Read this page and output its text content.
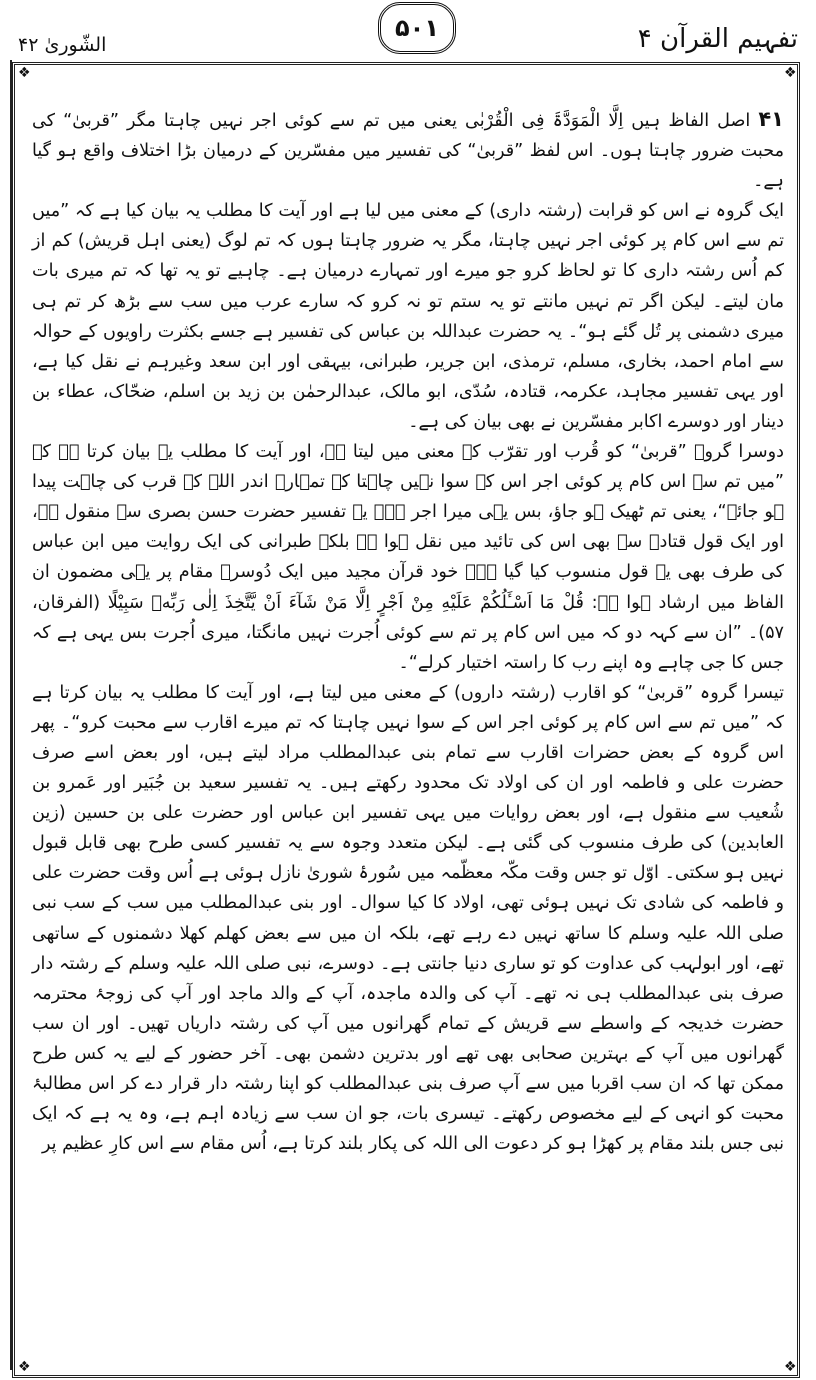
الشّوریٰ ۴۲
۵۰۱	تفہیم القرآن ۴
❖	❖
❖	❖

۴۱ اصل الفاظ ہیں اِلَّا الْمَوَدَّۃَ فِی الْقُرْبٰی یعنی میں تم سے کوئی اجر نہیں چاہتا مگر ”قربیٰ“ کی محبت ضرور چاہتا ہوں۔ اس لفظ ”قربیٰ“ کی تفسیر میں مفسّرین کے درمیان بڑا اختلاف واقع ہو گیا ہے۔

ایک گروہ نے اس کو قرابت (رشتہ داری) کے معنی میں لیا ہے اور آیت کا مطلب یہ بیان کیا ہے کہ ”میں تم سے اس کام پر کوئی اجر نہیں چاہتا، مگر یہ ضرور چاہتا ہوں کہ تم لوگ (یعنی اہل قریش) کم از کم اُس رشتہ داری کا تو لحاظ کرو جو میرے اور تمہارے درمیان ہے۔ چاہیے تو یہ تھا کہ تم میری بات مان لیتے۔ لیکن اگر تم نہیں مانتے تو یہ ستم تو نہ کرو کہ سارے عرب میں سب سے بڑھ کر تم ہی میری دشمنی پر تُل گئے ہو“۔ یہ حضرت عبداللہ بن عباس کی تفسیر ہے جسے بکثرت راویوں کے حوالہ سے امام احمد، بخاری، مسلم، ترمذی، ابن جریر، طبرانی، بیہقی اور ابن سعد وغیرہم نے نقل کیا ہے، اور یہی تفسیر مجاہد، عکرمہ، قتادہ، سُدّی، ابو مالک، عبدالرحمٰن بن زید بن اسلم، ضحّاک، عطاء بن دینار اور دوسرے اکابر مفسّرین نے بھی بیان کی ہے۔

دوسرا گروہ ”قربیٰ“ کو قُرب اور تقرّب کے معنی میں لیتا ہے، اور آیت کا مطلب یہ بیان کرتا ہے کہ ”میں تم سے اس کام پر کوئی اجر اس کے سوا نہیں چاہتا کہ تمہارے اندر اللہ کے قرب کی چاہت پیدا ہو جائے“، یعنی تم ٹھیک ہو جاؤ، بس یہی میرا اجر ہے۔ یہ تفسیر حضرت حسن بصری سے منقول ہے، اور ایک قول قتادہ سے بھی اس کی تائید میں نقل ہوا ہے بلکہ طبرانی کی ایک روایت میں ابن عباس کی طرف بھی یہ قول منسوب کیا گیا ہے۔ خود قرآن مجید میں ایک دُوسرے مقام پر یہی مضمون ان الفاظ میں ارشاد ہوا ہے: قُلْ مَا اَسْـَٔلُكُمْ عَلَيْهِ مِنْ اَجْرٍ اِلَّا مَنْ شَآءَ اَنْ يَّتَّخِذَ اِلٰى رَبِّهٖ سَبِيْلًا (الفرقان، ۵۷)۔ ”ان سے کہہ دو کہ میں اس کام پر تم سے کوئی اُجرت نہیں مانگتا، میری اُجرت بس یہی ہے کہ جس کا جی چاہے وہ اپنے رب کا راستہ اختیار کرلے“۔

تیسرا گروہ ”قربیٰ“ کو اقارب (رشتہ داروں) کے معنی میں لیتا ہے، اور آیت کا مطلب یہ بیان کرتا ہے کہ ”میں تم سے اس کام پر کوئی اجر اس کے سوا نہیں چاہتا کہ تم میرے اقارب سے محبت کرو“۔ پھر اس گروہ کے بعض حضرات اقارب سے تمام بنی عبدالمطلب مراد لیتے ہیں، اور بعض اسے صرف حضرت علی و فاطمہ اور ان کی اولاد تک محدود رکھتے ہیں۔ یہ تفسیر سعید بن جُبَیر اور عَمرو بن شُعیب سے منقول ہے، اور بعض روایات میں یہی تفسیر ابن عباس اور حضرت علی بن حسین (زین العابدین) کی طرف منسوب کی گئی ہے۔ لیکن متعدد وجوہ سے یہ تفسیر کسی طرح بھی قابل قبول نہیں ہو سکتی۔ اوّل تو جس وقت مکّہ معظّمہ میں سُورۂ شوریٰ نازل ہوئی ہے اُس وقت حضرت علی و فاطمہ کی شادی تک نہیں ہوئی تھی، اولاد کا کیا سوال۔ اور بنی عبدالمطلب میں سب کے سب نبی صلی اللہ علیہ وسلم کا ساتھ نہیں دے رہے تھے، بلکہ ان میں سے بعض کھلم کھلا دشمنوں کے ساتھی تھے، اور ابولہب کی عداوت کو تو ساری دنیا جانتی ہے۔ دوسرے، نبی صلی اللہ علیہ وسلم کے رشتہ دار صرف بنی عبدالمطلب ہی نہ تھے۔ آپ کی والدہ ماجدہ، آپ کے والد ماجد اور آپ کی زوجۂ محترمہ حضرت خدیجہ کے واسطے سے قریش کے تمام گھرانوں میں آپ کی رشتہ داریاں تھیں۔ اور ان سب گھرانوں میں آپ کے بہترین صحابی بھی تھے اور بدترین دشمن بھی۔ آخر حضور کے لیے یہ کس طرح ممکن تھا کہ ان سب اقربا میں سے آپ صرف بنی عبدالمطلب کو اپنا رشتہ دار قرار دے کر اس مطالبۂ محبت کو انہی کے لیے مخصوص رکھتے۔ تیسری بات، جو ان سب سے زیادہ اہم ہے، وہ یہ ہے کہ ایک نبی جس بلند مقام پر کھڑا ہو کر دعوت الی اللہ کی پکار بلند کرتا ہے، اُس مقام سے اس کارِ عظیم پر
